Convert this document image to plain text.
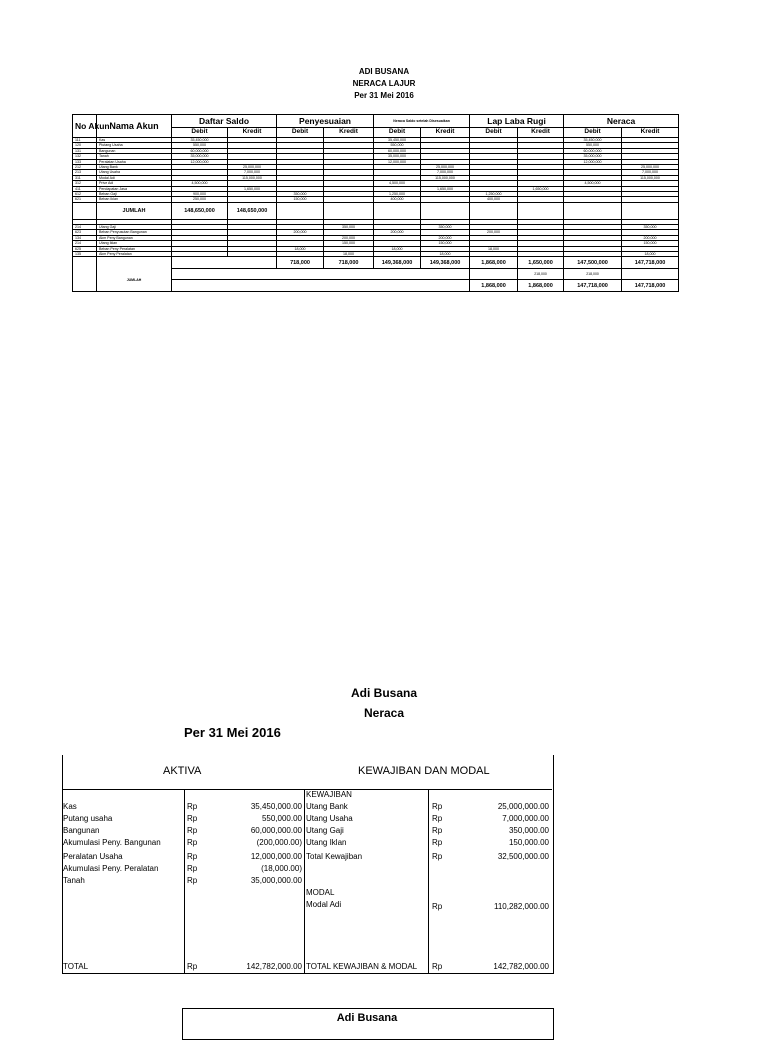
ADI BUSANA
NERACA LAJUR
Per 31 Mei 2016
No Akun	Nama Akun	Daftar Saldo		Penyesuaian		Neraca Saldo setelah Disesuaikan		Lap Laba Rugi		Neraca	
		Debit	Kredit	Debit	Kredit	Debit	Kredit	Debit	Kredit	Debit	Kredit
111	Kas	35,450,000				35,450,000				35,450,000	
120	Piutang Usaha	550,000				550,000				550,000	
131	Bangunan	60,000,000				60,000,000				60,000,000	
132	Tanah	35,000,000				35,000,000				35,000,000	
133	Peralatan Usaha	12,000,000				12,000,000				12,000,000	
212	Utang Bank		25,000,000				25,000,000				25,000,000
213	Utang Usaha		7,000,000				7,000,000				7,000,000
311	Modal Adi		115,000,000				115,000,000				115,000,000
312	Prive Adi	4,500,000				4,500,000				4,500,000	
411	Pendapatan Jasa		1,650,000				1,650,000		1,650,000		
612	Beban Gaji	900,000		350,000		1,250,000		1,250,000			
621	Beban Iklan	250,000		150,000		400,000		400,000			
	JUMLAH	148,650,000	148,650,000								

214	Utang Gaji				350,000		350,000				350,000
623	Beban Penyusutan Bangunan			200,000		200,000		200,000			
134	Akm Peny Bangunan				200,000		200,000				200,000
214	Utang Iklan				150,000		150,000				150,000
625	Beban Peny Peralatan			18,000		18,000		18,000			
135	Akm Peny Peralatan				18,000		18,000				18,000
				718,000	718,000	149,368,000	149,368,000	1,868,000	1,650,000	147,500,000	147,718,000
	JUMLAH								218,000	218,000	
								1,868,000	1,868,000	147,718,000	147,718,000
Adi Busana
Neraca
Per 31 Mei 2016
AKTIVA	KEWAJIBAN DAN MODAL
Kas	Rp	35,450,000.00
Putang usaha	Rp	550,000.00
Bangunan	Rp	60,000,000.00
Akumulasi Peny. Bangunan	Rp	(200,000.00)
Peralatan Usaha	Rp	12,000,000.00
Akumulasi Peny. Peralatan	Rp	(18,000.00)
Tanah	Rp	35,000,000.00
KEWAJIBAN
Utang Bank	Rp	25,000,000.00
Utang Usaha	Rp	7,000,000.00
Utang Gaji	Rp	350,000.00
Utang Iklan	Rp	150,000.00
Total Kewajiban	Rp	32,500,000.00
MODAL
Modal Adi	Rp	110,282,000.00
TOTAL	Rp	142,782,000.00 TOTAL KEWAJIBAN & MODAL	Rp	142,782,000.00
Adi Busana
